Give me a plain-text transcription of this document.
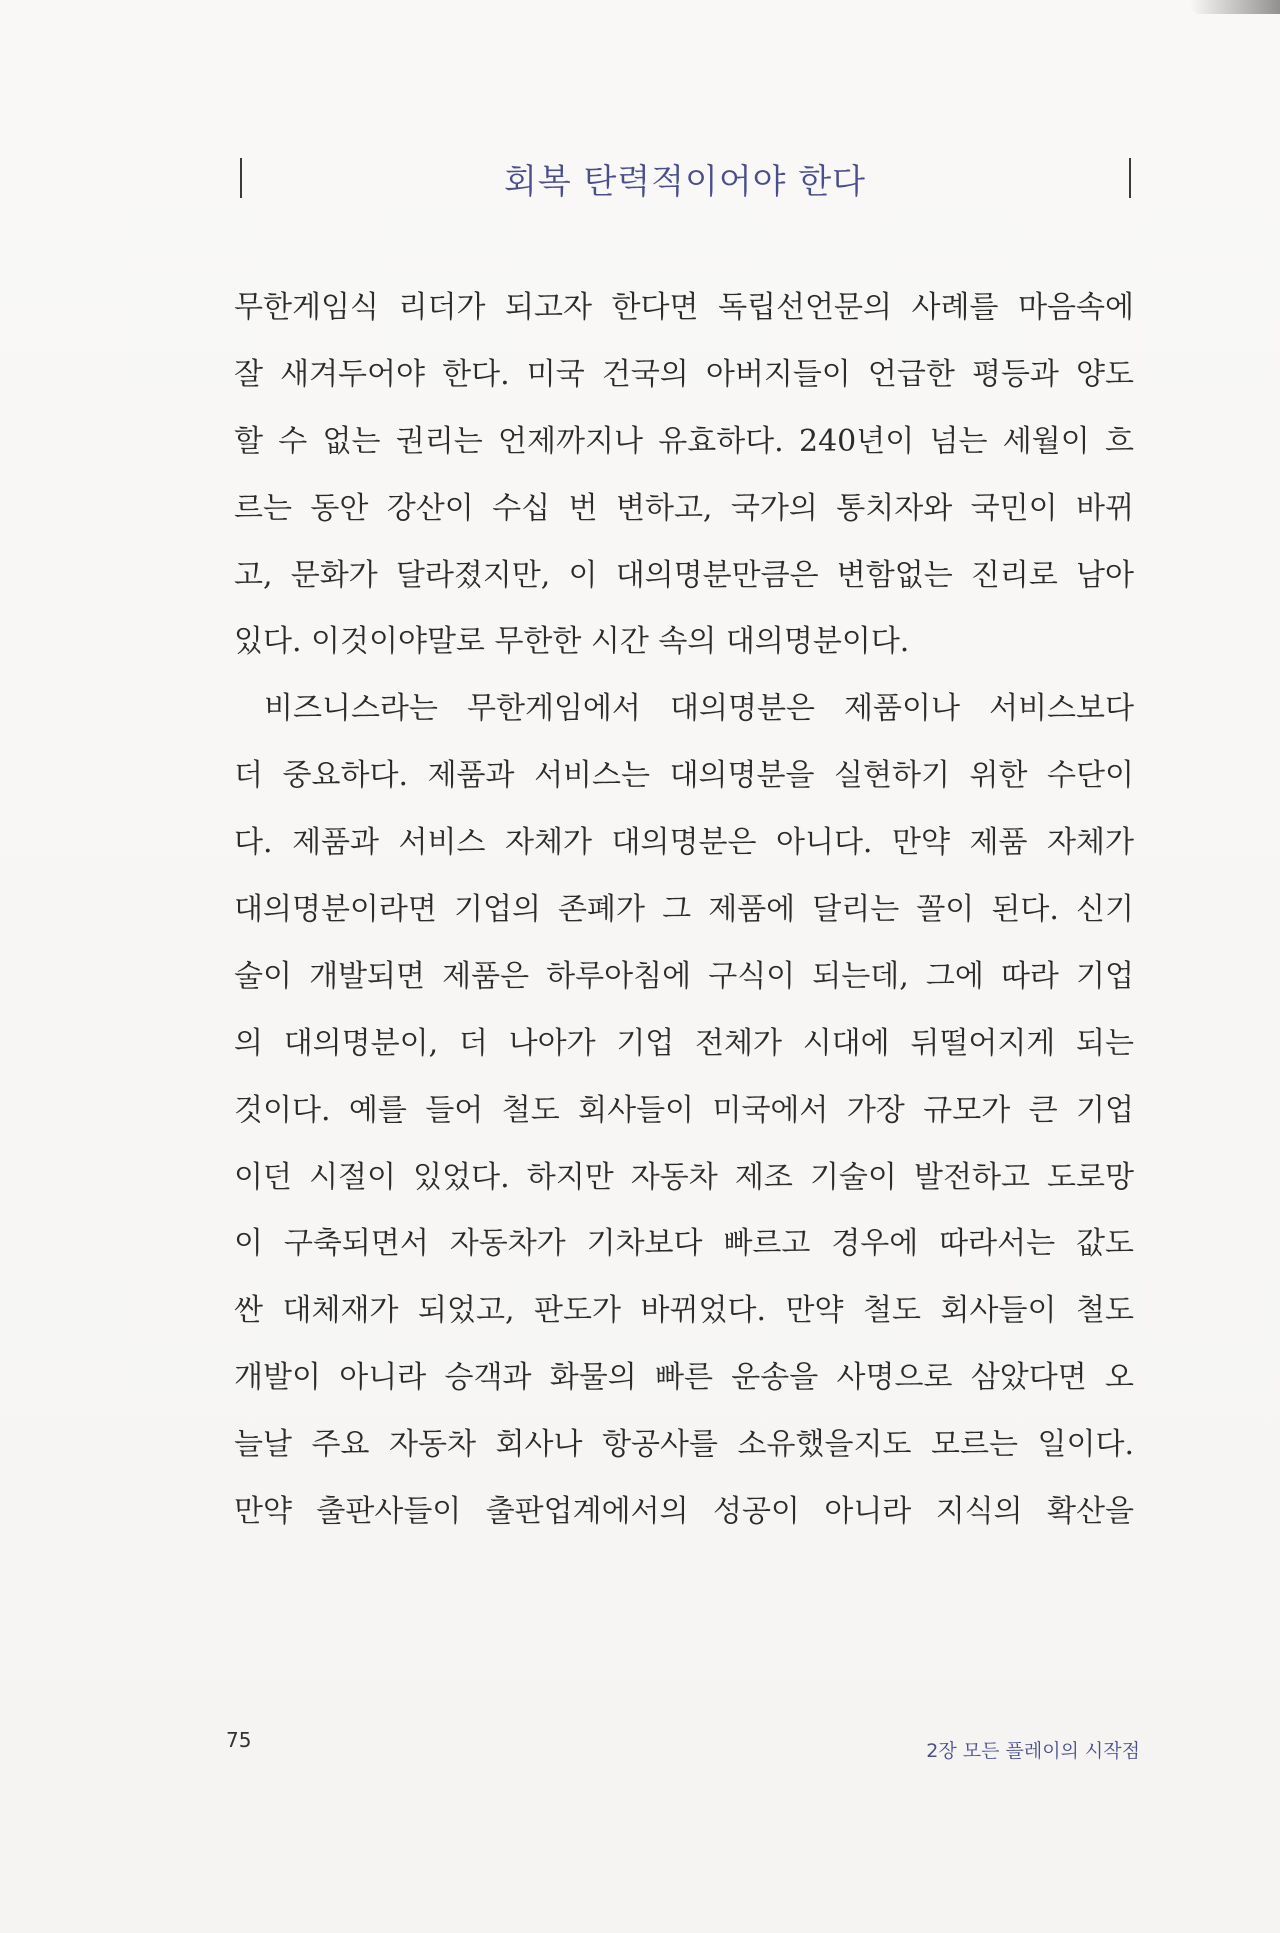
회복 탄력적이어야 한다
무한게임식 리더가 되고자 한다면 독립선언문의 사례를 마음속에
잘 새겨두어야 한다. 미국 건국의 아버지들이 언급한 평등과 양도
할 수 없는 권리는 언제까지나 유효하다. 240년이 넘는 세월이 흐
르는 동안 강산이 수십 번 변하고, 국가의 통치자와 국민이 바뀌
고, 문화가 달라졌지만, 이 대의명분만큼은 변함없는 진리로 남아
있다. 이것이야말로 무한한 시간 속의 대의명분이다.
비즈니스라는 무한게임에서 대의명분은 제품이나 서비스보다
더 중요하다. 제품과 서비스는 대의명분을 실현하기 위한 수단이
다. 제품과 서비스 자체가 대의명분은 아니다. 만약 제품 자체가
대의명분이라면 기업의 존폐가 그 제품에 달리는 꼴이 된다. 신기
술이 개발되면 제품은 하루아침에 구식이 되는데, 그에 따라 기업
의 대의명분이, 더 나아가 기업 전체가 시대에 뒤떨어지게 되는
것이다. 예를 들어 철도 회사들이 미국에서 가장 규모가 큰 기업
이던 시절이 있었다. 하지만 자동차 제조 기술이 발전하고 도로망
이 구축되면서 자동차가 기차보다 빠르고 경우에 따라서는 값도
싼 대체재가 되었고, 판도가 바뀌었다. 만약 철도 회사들이 철도
개발이 아니라 승객과 화물의 빠른 운송을 사명으로 삼았다면 오
늘날 주요 자동차 회사나 항공사를 소유했을지도 모르는 일이다.
만약 출판사들이 출판업계에서의 성공이 아니라 지식의 확산을
75	2장 모든 플레이의 시작점
